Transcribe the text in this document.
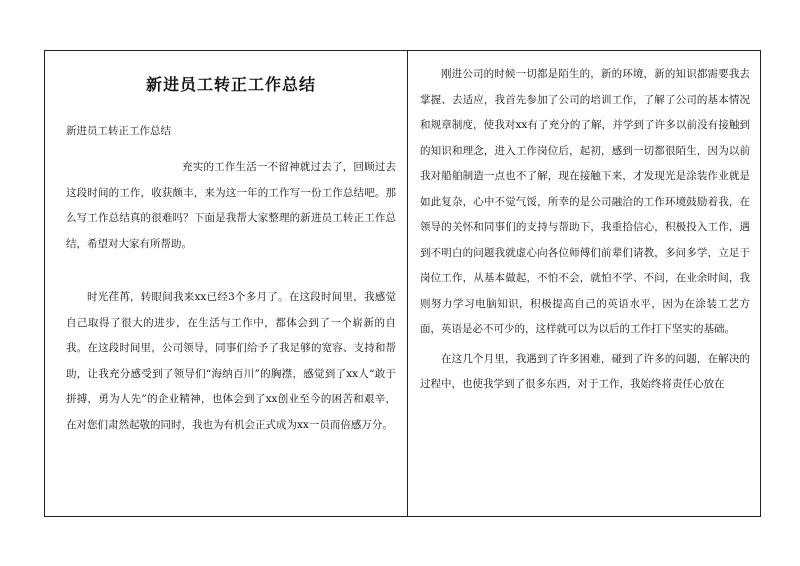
新进员工转正工作总结
新进员工转正工作总结

充实的工作生活一不留神就过去了，回顾过去这段时间的工作，收获颇丰，来为这一年的工作写一份工作总结吧。那么写工作总结真的很难吗？下面是我帮大家整理的新进员工转正工作总结，希望对大家有所帮助。

时光荏苒，转眼间我来xx已经3个多月了。在这段时间里，我感觉自己取得了很大的进步，在生活与工作中，都体会到了一个崭新的自我。在这段时间里，公司领导，同事们给予了我足够的宽容、支持和帮助，让我充分感受到了领导们“海纳百川”的胸襟，感觉到了xx人“敢于拼搏，勇为人先”的企业精神，也体会到了xx创业至今的困苦和艰辛，在对您们肃然起敬的同时，我也为有机会正式成为xx一员而倍感万分。

刚进公司的时候一切都是陌生的，新的环境，新的知识都需要我去掌握、去适应，我首先参加了公司的培训工作，了解了公司的基本情况和规章制度，使我对xx有了充分的了解，并学到了许多以前没有接触到的知识和理念，进入工作岗位后，起初，感到一切都很陌生，因为以前我对船舶制造一点也不了解，现在接触下来，才发现光是涂装作业就是如此复杂，心中不觉气馁，所幸的是公司融洽的工作环境鼓励着我，在领导的关怀和同事们的支持与帮助下，我重拾信心，积极投入工作，遇到不明白的问题我就虚心向各位师傅们前辈们请教，多问多学，立足于岗位工作，从基本做起，不怕不会，就怕不学、不问，在业余时间，我则努力学习电脑知识，积极提高自己的英语水平，因为在涂装工艺方面，英语是必不可少的，这样就可以为以后的工作打下坚实的基础。

在这几个月里，我遇到了许多困难，碰到了许多的问题，在解决的过程中，也使我学到了很多东西，对于工作，我始终将责任心放在
